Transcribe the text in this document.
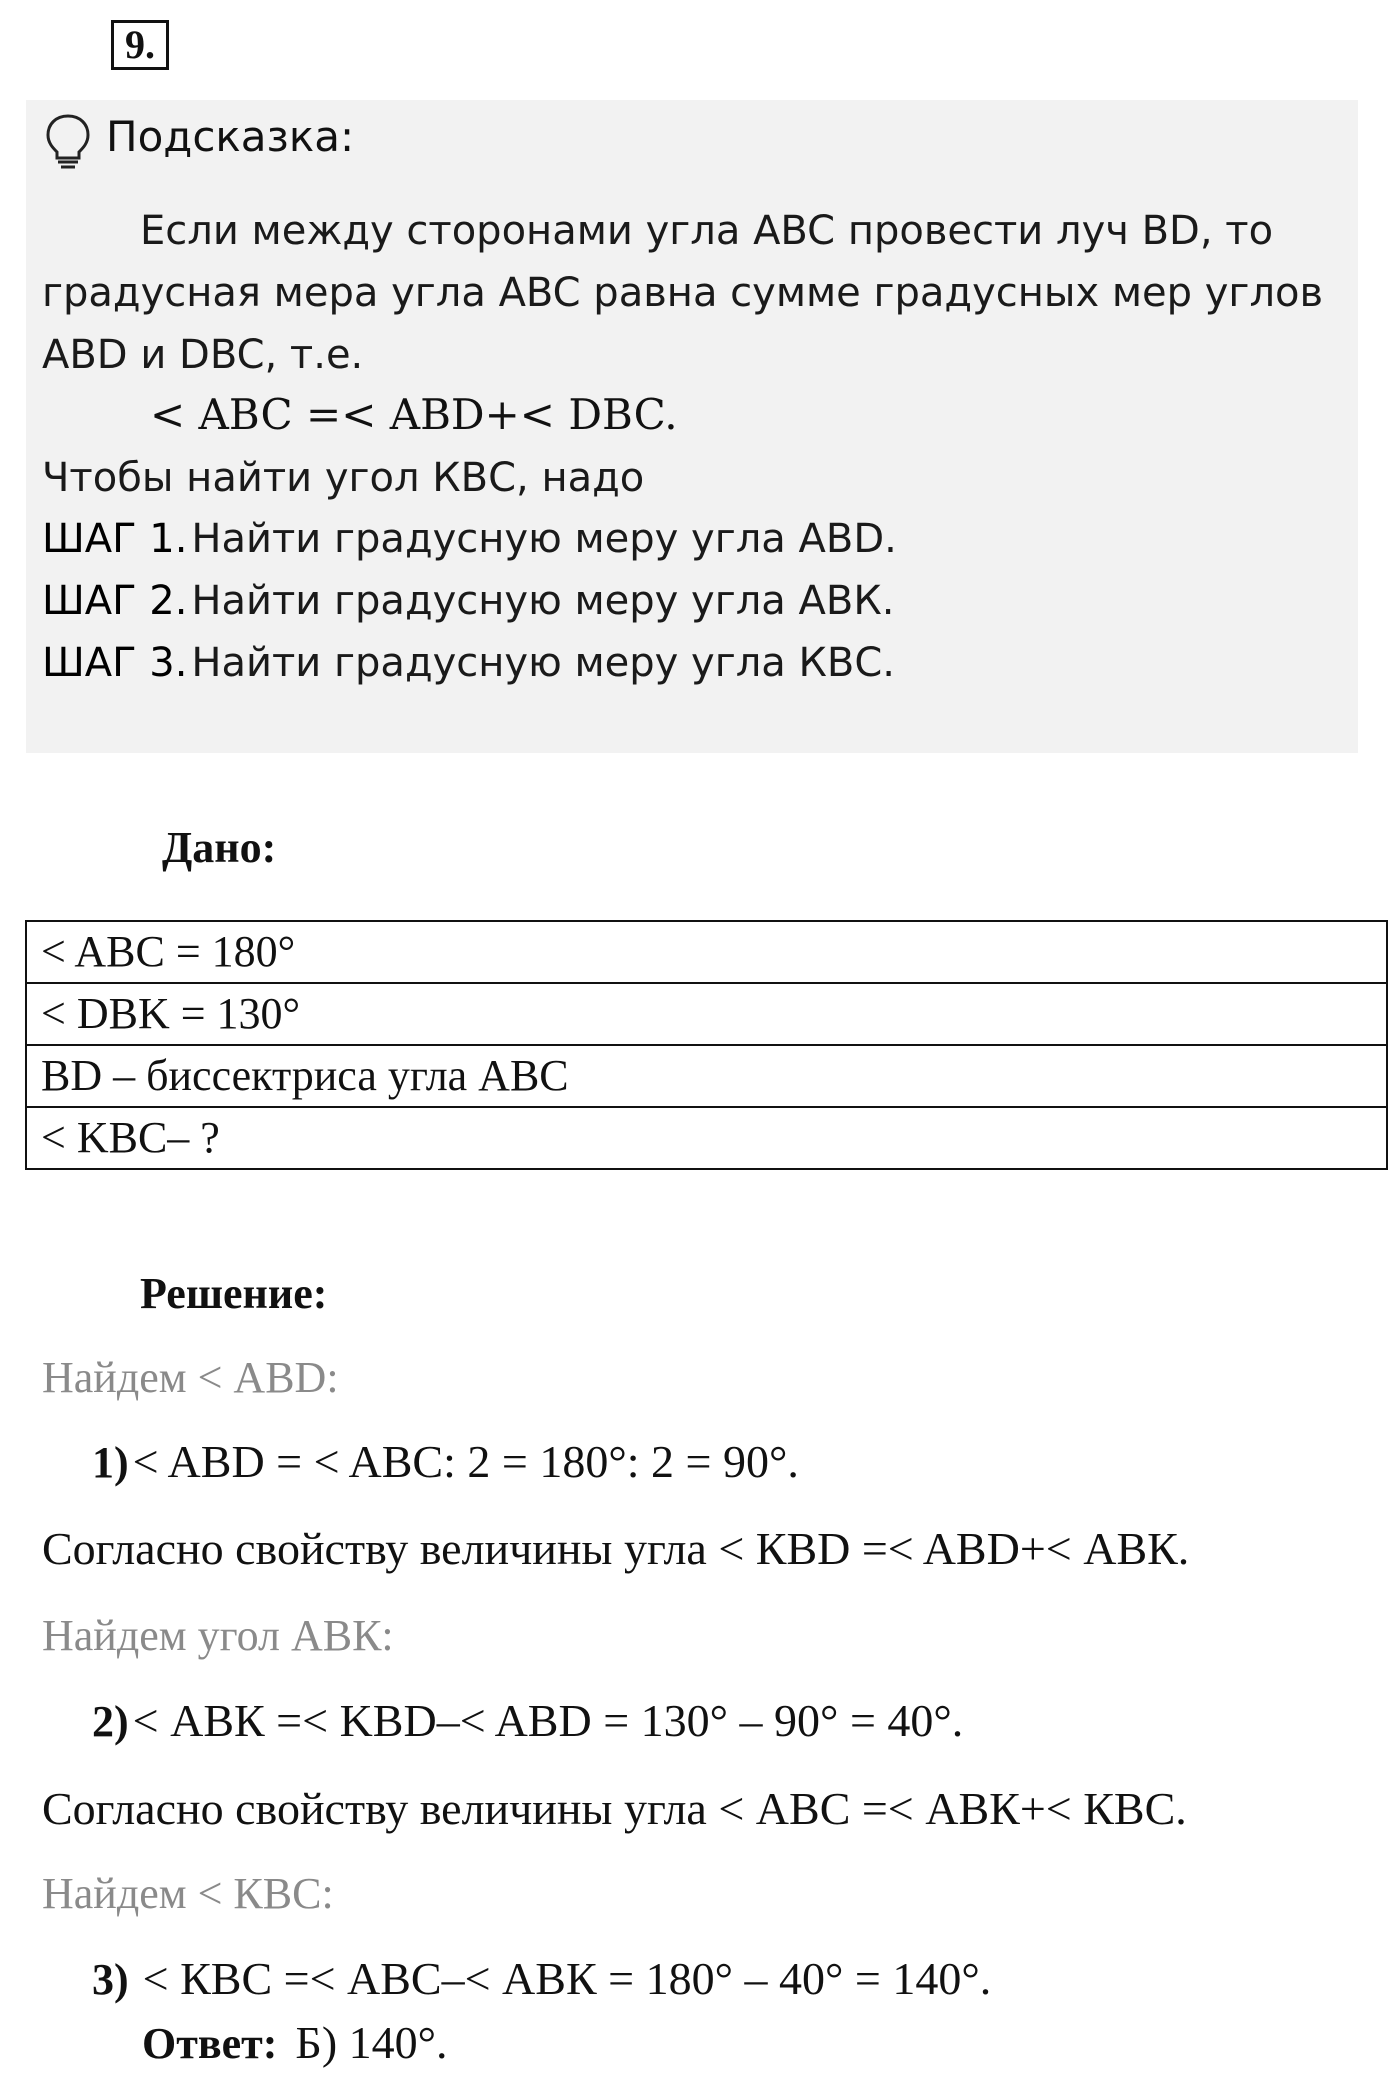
9.
Подсказка:
Если между сторонами угла ABC провести луч BD, то
градусная мера угла ABC равна сумме градусных мер углов
ABD и DBC, т.е.
< ABC =< ABD+< DBC.
Чтобы найти угол КВС, надо
ШАГ 1. Найти градусную меру угла ABD.
ШАГ 2. Найти градусную меру угла АВК.
ШАГ 3. Найти градусную меру угла КВС.
Дано:
< ABC = 180°
< DBK = 130°
BD – биссектриса угла ABC
< KBC– ?
Решение:
Найдем < ABD:
1) < ABD = < ABC: 2 = 180°: 2 = 90°.
Согласно свойству величины угла < КВD =< ABD+< АВК.
Найдем угол АВК:
2) < АВК =< KBD–< ABD = 130° – 90° = 40°.
Согласно свойству величины угла < ABC =< АВК+< КВС.
Найдем < КВС:
3) < КВС =< ABC–< АВК = 180° – 40° = 140°.
Ответ: Б) 140°.
